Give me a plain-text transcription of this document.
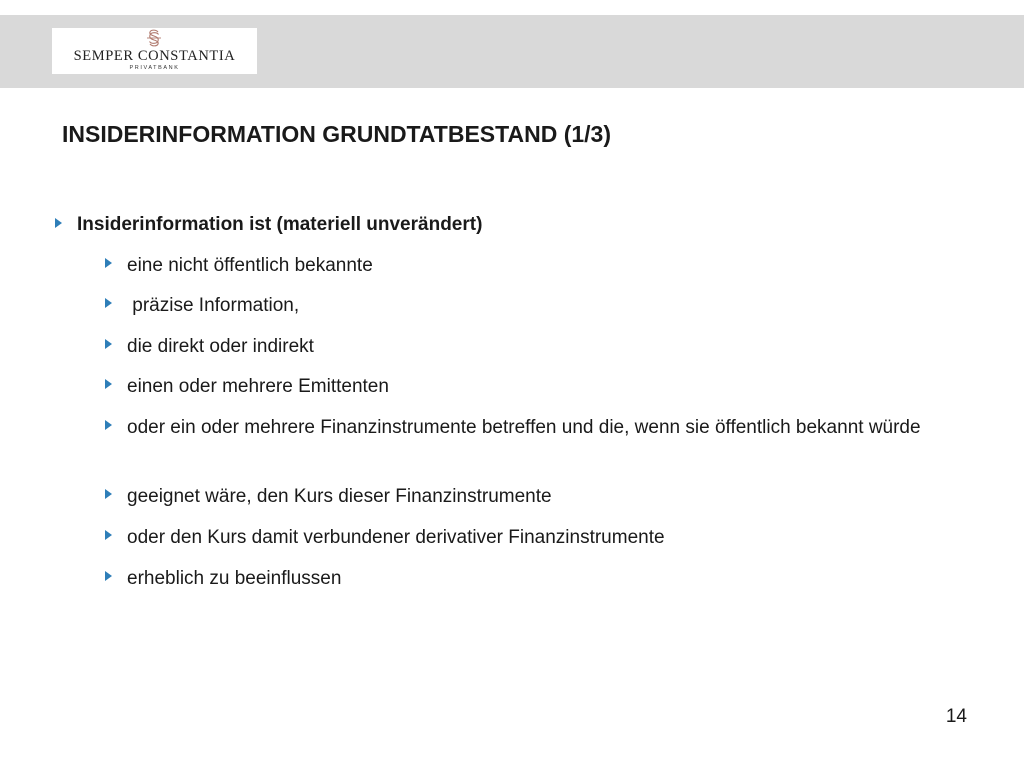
SEMPER CONSTANTIA
PRIVATBANK
INSIDERINFORMATION GRUNDTATBESTAND (1/3)
Insiderinformation ist (materiell unverändert)
eine nicht öffentlich bekannte
präzise Information,
die direkt oder indirekt
einen oder mehrere Emittenten
oder ein oder mehrere Finanzinstrumente betreffen und die, wenn sie öffentlich bekannt würde
geeignet wäre, den Kurs dieser Finanzinstrumente
oder den Kurs damit verbundener derivativer Finanzinstrumente
erheblich zu beeinflussen
14
